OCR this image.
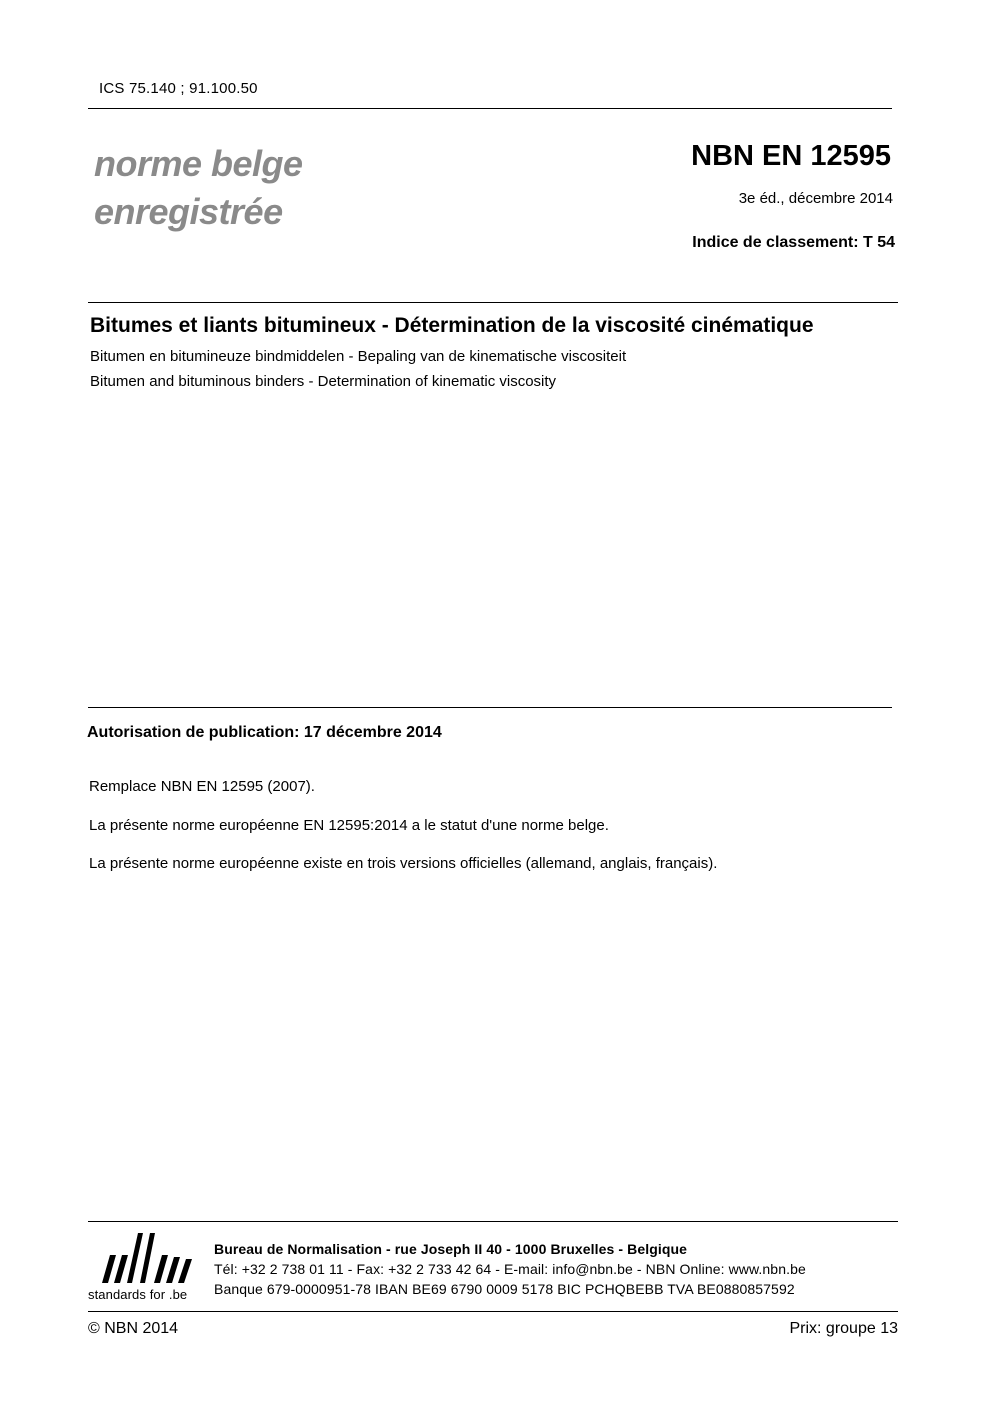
ICS 75.140 ; 91.100.50
norme belge
enregistrée
NBN EN 12595
3e éd., décembre 2014
Indice de classement: T 54
Bitumes et liants bitumineux - Détermination de la viscosité cinématique
Bitumen en bitumineuze bindmiddelen - Bepaling van de kinematische viscositeit
Bitumen and bituminous binders - Determination of kinematic viscosity
Autorisation de publication: 17 décembre 2014
Remplace NBN EN 12595 (2007).
La présente norme européenne EN 12595:2014 a le statut d'une norme belge.
La présente norme européenne existe en trois versions officielles (allemand, anglais, français).
standards for .be
Bureau de Normalisation - rue Joseph II 40 - 1000 Bruxelles - Belgique
Tél: +32 2 738 01 11 - Fax: +32 2 733 42 64 - E-mail: info@nbn.be - NBN Online: www.nbn.be
Banque 679-0000951-78 IBAN BE69 6790 0009 5178 BIC PCHQBEBB TVA BE0880857592
© NBN 2014	Prix: groupe 13
